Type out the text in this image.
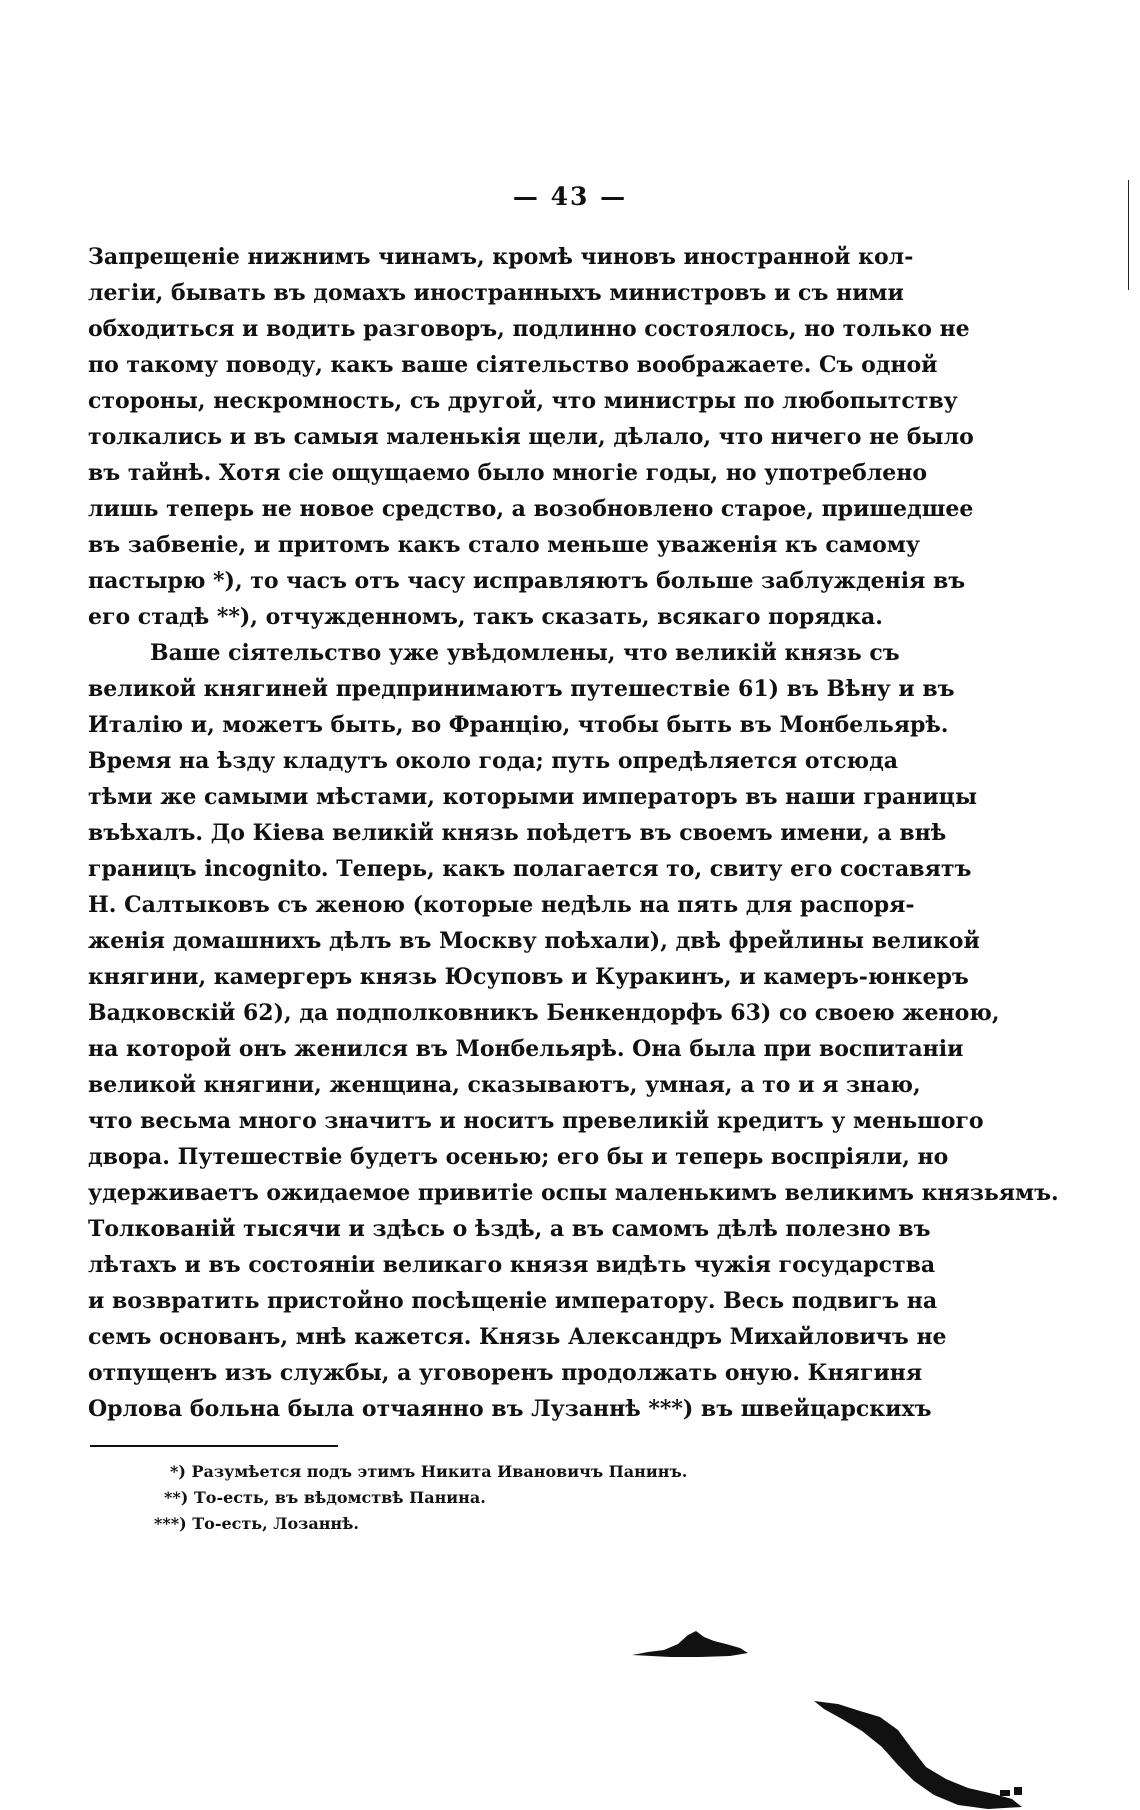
— 43 —
Запрещеніе нижнимъ чинамъ, кромѣ чиновъ иностранной кол-
легіи, бывать въ домахъ иностранныхъ министровъ и съ ними
обходиться и водить разговоръ, подлинно состоялось, но только не
по такому поводу, какъ ваше сіятельство воображаете. Съ одной
стороны, нескромность, съ другой, что министры по любопытству
толкались и въ самыя маленькія щели, дѣлало, что ничего не было
въ тайнѣ. Хотя сіе ощущаемо было многіе годы, но употреблено
лишь теперь не новое средство, а возобновлено старое, пришедшее
въ забвеніе, и притомъ какъ стало меньше уваженія къ самому
пастырю *), то часъ отъ часу исправляютъ больше заблужденія въ
его стадѣ **), отчужденномъ, такъ сказать, всякаго порядка.
Ваше сіятельство уже увѣдомлены, что великій князь съ
великой княгиней предпринимаютъ путешествіе 61) въ Вѣну и въ
Италію и, можетъ быть, во Францію, чтобы быть въ Монбельярѣ.
Время на ѣзду кладутъ около года; путь опредѣляется отсюда
тѣми же самыми мѣстами, которыми императоръ въ наши границы
въѣхалъ. До Кіева великій князь поѣдетъ въ своемъ имени, а внѣ
границъ incognito. Теперь, какъ полагается то, свиту его составятъ
Н. Салтыковъ съ женою (которые недѣль на пять для распоря-
женія домашнихъ дѣлъ въ Москву поѣхали), двѣ фрейлины великой
княгини, камергеръ князь Юсуповъ и Куракинъ, и камеръ-юнкеръ
Вадковскій 62), да подполковникъ Бенкендорфъ 63) со своею женою,
на которой онъ женился въ Монбельярѣ. Она была при воспитаніи
великой княгини, женщина, сказываютъ, умная, а то и я знаю,
что весьма много значитъ и носитъ превеликій кредитъ у меньшого
двора. Путешествіе будетъ осенью; его бы и теперь воспріяли, но
удерживаетъ ожидаемое привитіе оспы маленькимъ великимъ князьямъ.
Толкованій тысячи и здѣсь о ѣздѣ, а въ самомъ дѣлѣ полезно въ
лѣтахъ и въ состояніи великаго князя видѣть чужія государства
и возвратить пристойно посѣщеніе императору. Весь подвигъ на
семъ основанъ, мнѣ кажется. Князь Александръ Михайловичъ не
отпущенъ изъ службы, а уговоренъ продолжать оную. Княгиня
Орлова больна была отчаянно въ Лузаннѣ ***) въ швейцарскихъ
*) Разумѣется подъ этимъ Никита Ивановичъ Панинъ.
**) То-есть, въ вѣдомствѣ Панина.
***) То-есть, Лозаннѣ.
